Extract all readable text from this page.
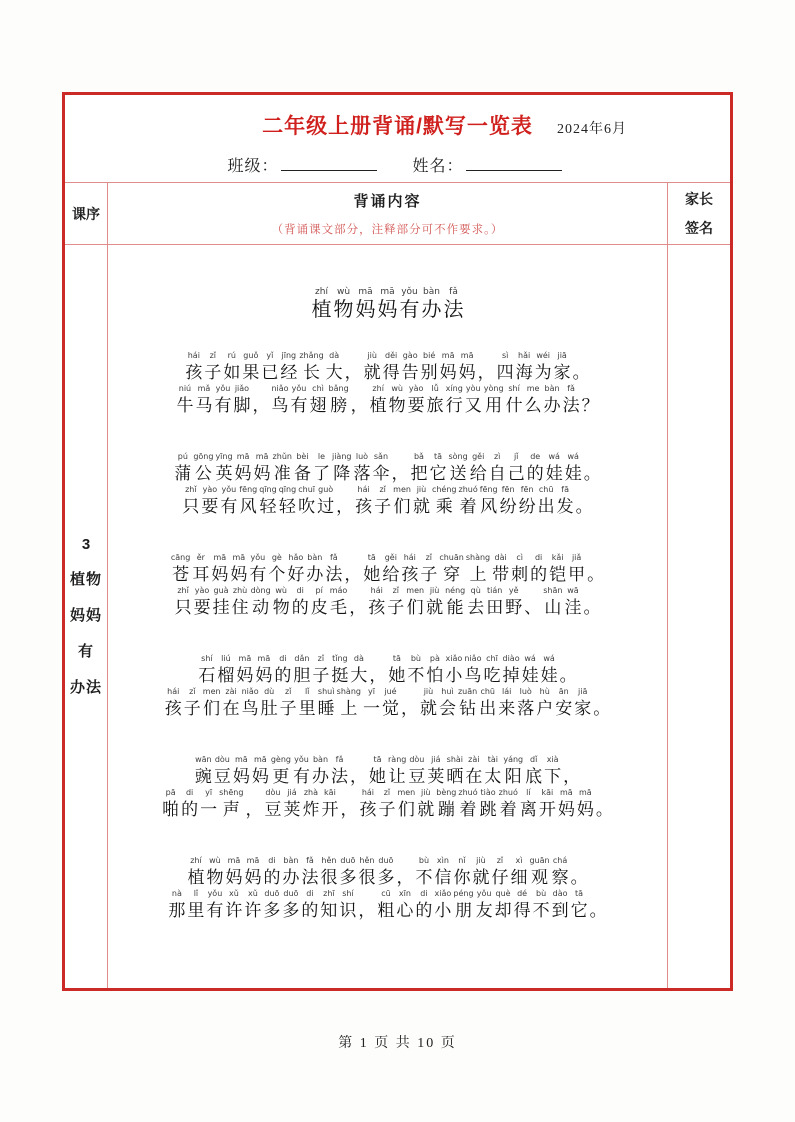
二年级上册背诵/默写一览表	2024年6月
班级：	姓名：
课序
背诵内容
（背诵课文部分，注释部分可不作要求。）
家长
签名
3
植物
妈妈
有
办法
zhí
植
wù
物
mā
妈
mā
妈
yǒu
有
bàn
办
fǎ
法
hái
孩
zǐ
子
rú
如
guǒ
果
yǐ
已
jīng
经
zhǎng
长
dà
大 ，
jiù
就
děi
得
gào
告
bié
别
mā
妈
mā
妈 ，
sì
四
hǎi
海
wéi
为
jiā
家 。
niú
牛
mǎ
马
yǒu
有
jiǎo
脚 ，
niǎo
鸟
yǒu
有
chì
翅
bǎng
膀 ，
zhí
植
wù
物
yào
要
lǚ
旅
xíng
行
yòu
又
yòng
用
shí
什
me
么
bàn
办
fǎ
法 ？
pú
蒲
gōng
公
yīng
英
mā
妈
mā
妈
zhǔn
准
bèi
备
le
了
jiàng
降
luò
落
sǎn
伞 ，
bǎ
把
tā
它
sòng
送
gěi
给
zì
自
jǐ
己
de
的
wá
娃
wá
娃 。
zhǐ
只
yào
要
yǒu
有
fēng
风
qīng
轻
qīng
轻
chuī
吹
guò
过 ，
hái
孩
zǐ
子
men
们
jiù
就
chéng
乘
zhuó
着
fēng
风
fēn
纷
fēn
纷
chū
出
fā
发 。
cāng
苍
ěr
耳
mā
妈
mā
妈
yǒu
有
gè
个
hǎo
好
bàn
办
fǎ
法 ，
tā
她
gěi
给
hái
孩
zǐ
子
chuān
穿
shàng
上
dài
带
cì
刺
di
的
kǎi
铠
jiǎ
甲 。
zhǐ
只
yào
要
guà
挂
zhù
住
dòng
动
wù
物
di
的
pí
皮
máo
毛 ，
hái
孩
zǐ
子
men
们
jiù
就
néng
能
qù
去
tián
田
yě
野 、
shān
山
wā
洼 。
shí
石
liú
榴
mā
妈
mā
妈
di
的
dǎn
胆
zǐ
子
tǐng
挺
dà
大 ，
tā
她
bù
不
pà
怕
xiǎo
小
niǎo
鸟
chī
吃
diào
掉
wá
娃
wá
娃 。
hái
孩
zǐ
子
men
们
zài
在
niǎo
鸟
dù
肚
zǐ
子
lǐ
里
shuì
睡
shàng
上
yī
一
jué
觉 ，
jiù
就
huì
会
zuān
钻
chū
出
lái
来
luò
落
hù
户
ān
安
jiā
家 。
wān
豌
dòu
豆
mā
妈
mā
妈
gèng
更
yǒu
有
bàn
办
fǎ
法 ，
tā
她
ràng
让
dòu
豆
jiá
荚
shài
晒
zài
在
tài
太
yáng
阳
dǐ
底
xià
下 ，
pā
啪
di
的
yī
一
shēng
声 ，
dòu
豆
jiá
荚
zhà
炸
kāi
开 ，
hái
孩
zǐ
子
men
们
jiù
就
bèng
蹦
zhuó
着
tiào
跳
zhuó
着
lí
离
kāi
开
mā
妈
mā
妈 。
zhí
植
wù
物
mā
妈
mā
妈
di
的
bàn
办
fǎ
法
hěn
很
duō
多
hěn
很
duō
多 ，
bù
不
xìn
信
nǐ
你
jiù
就
zǐ
仔
xì
细
guān
观
chá
察 。
nà
那
lǐ
里
yǒu
有
xǔ
许
xǔ
许
duō
多
duō
多
di
的
zhī
知
shí
识 ，
cū
粗
xīn
心
di
的
xiǎo
小
péng
朋
yǒu
友
què
却
dé
得
bù
不
dào
到
tā
它 。
第 1 页 共 10 页
